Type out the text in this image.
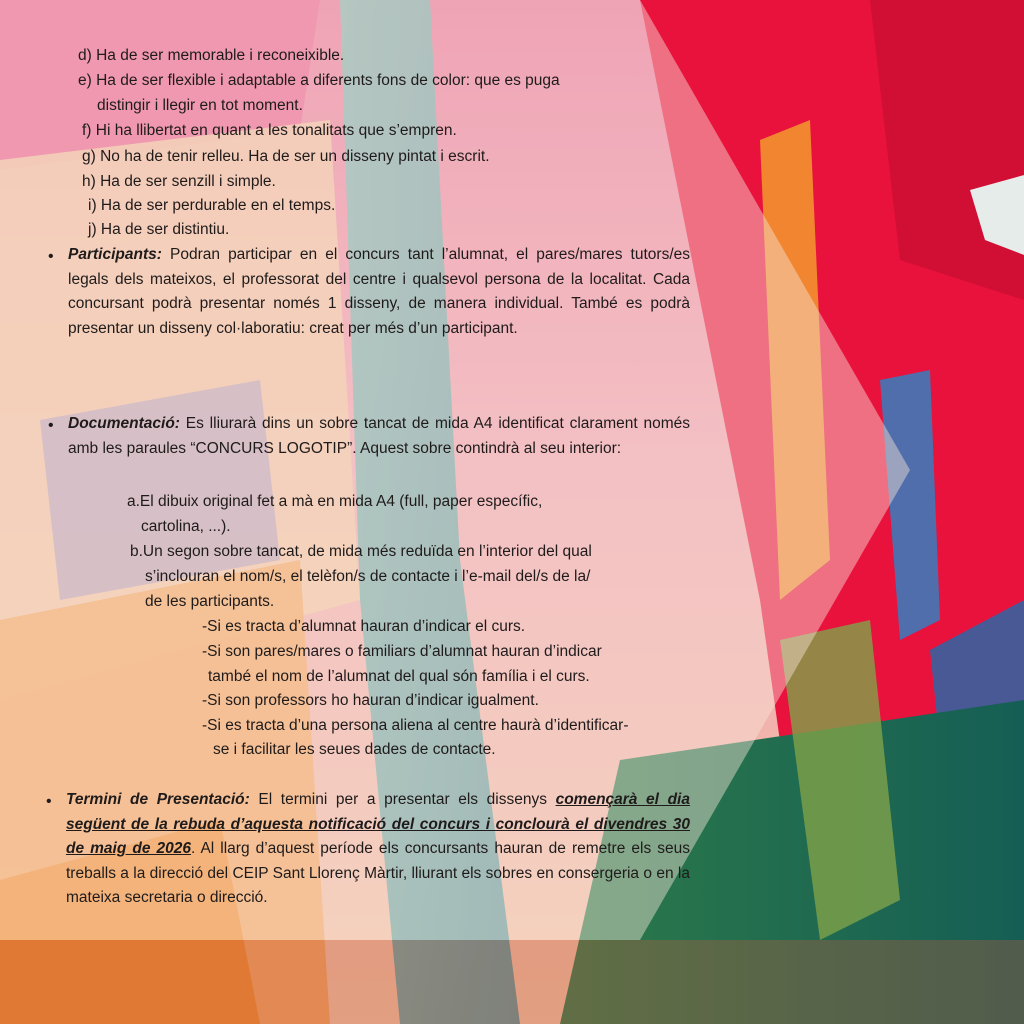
d) Ha de ser memorable i reconeixible.
e) Ha de ser flexible i adaptable a diferents fons de color: que es puga
distingir i llegir en tot moment.
f) Hi ha llibertat en quant a les tonalitats que s’empren.
g) No ha de tenir relleu. Ha de ser un disseny pintat i escrit.
h) Ha de ser senzill i simple.
i) Ha de ser perdurable en el temps.
j) Ha de ser distintiu.
• Participants: Podran participar en el concurs tant l’alumnat, el pares/mares tutors/es legals dels mateixos, el professorat del centre i qualsevol persona de la localitat. Cada concursant podrà presentar només 1 disseny, de manera individual. També es podrà presentar un disseny col·laboratiu: creat per més d’un participant.
• Documentació: Es lliurarà dins un sobre tancat de mida A4 identificat clarament només amb les paraules “CONCURS LOGOTIP”. Aquest sobre contindrà al seu interior:
a.El dibuix original fet a mà en mida A4 (full, paper específic,
cartolina, ...).
b.Un segon sobre tancat, de mida més reduïda en l’interior del qual
s’inclouran el nom/s, el telèfon/s de contacte i l’e-mail del/s de la/
de les participants.
-Si es tracta d’alumnat hauran d’indicar el curs.
-Si son pares/mares o familiars d’alumnat hauran d’indicar
també el nom de l’alumnat del qual són família i el curs.
-Si son professors ho hauran d’indicar igualment.
-Si es tracta d’una persona aliena al centre haurà d’identificar-
se i facilitar les seues dades de contacte.
• Termini de Presentació: El termini per a presentar els dissenys començarà el dia següent de la rebuda d’aquesta notificació del concurs i conclourà el divendres 30 de maig de 2026. Al llarg d’aquest període els concursants hauran de remetre els seus treballs a la direcció del CEIP Sant Llorenç Màrtir, lliurant els sobres en consergeria o en la mateixa secretaria o direcció.
